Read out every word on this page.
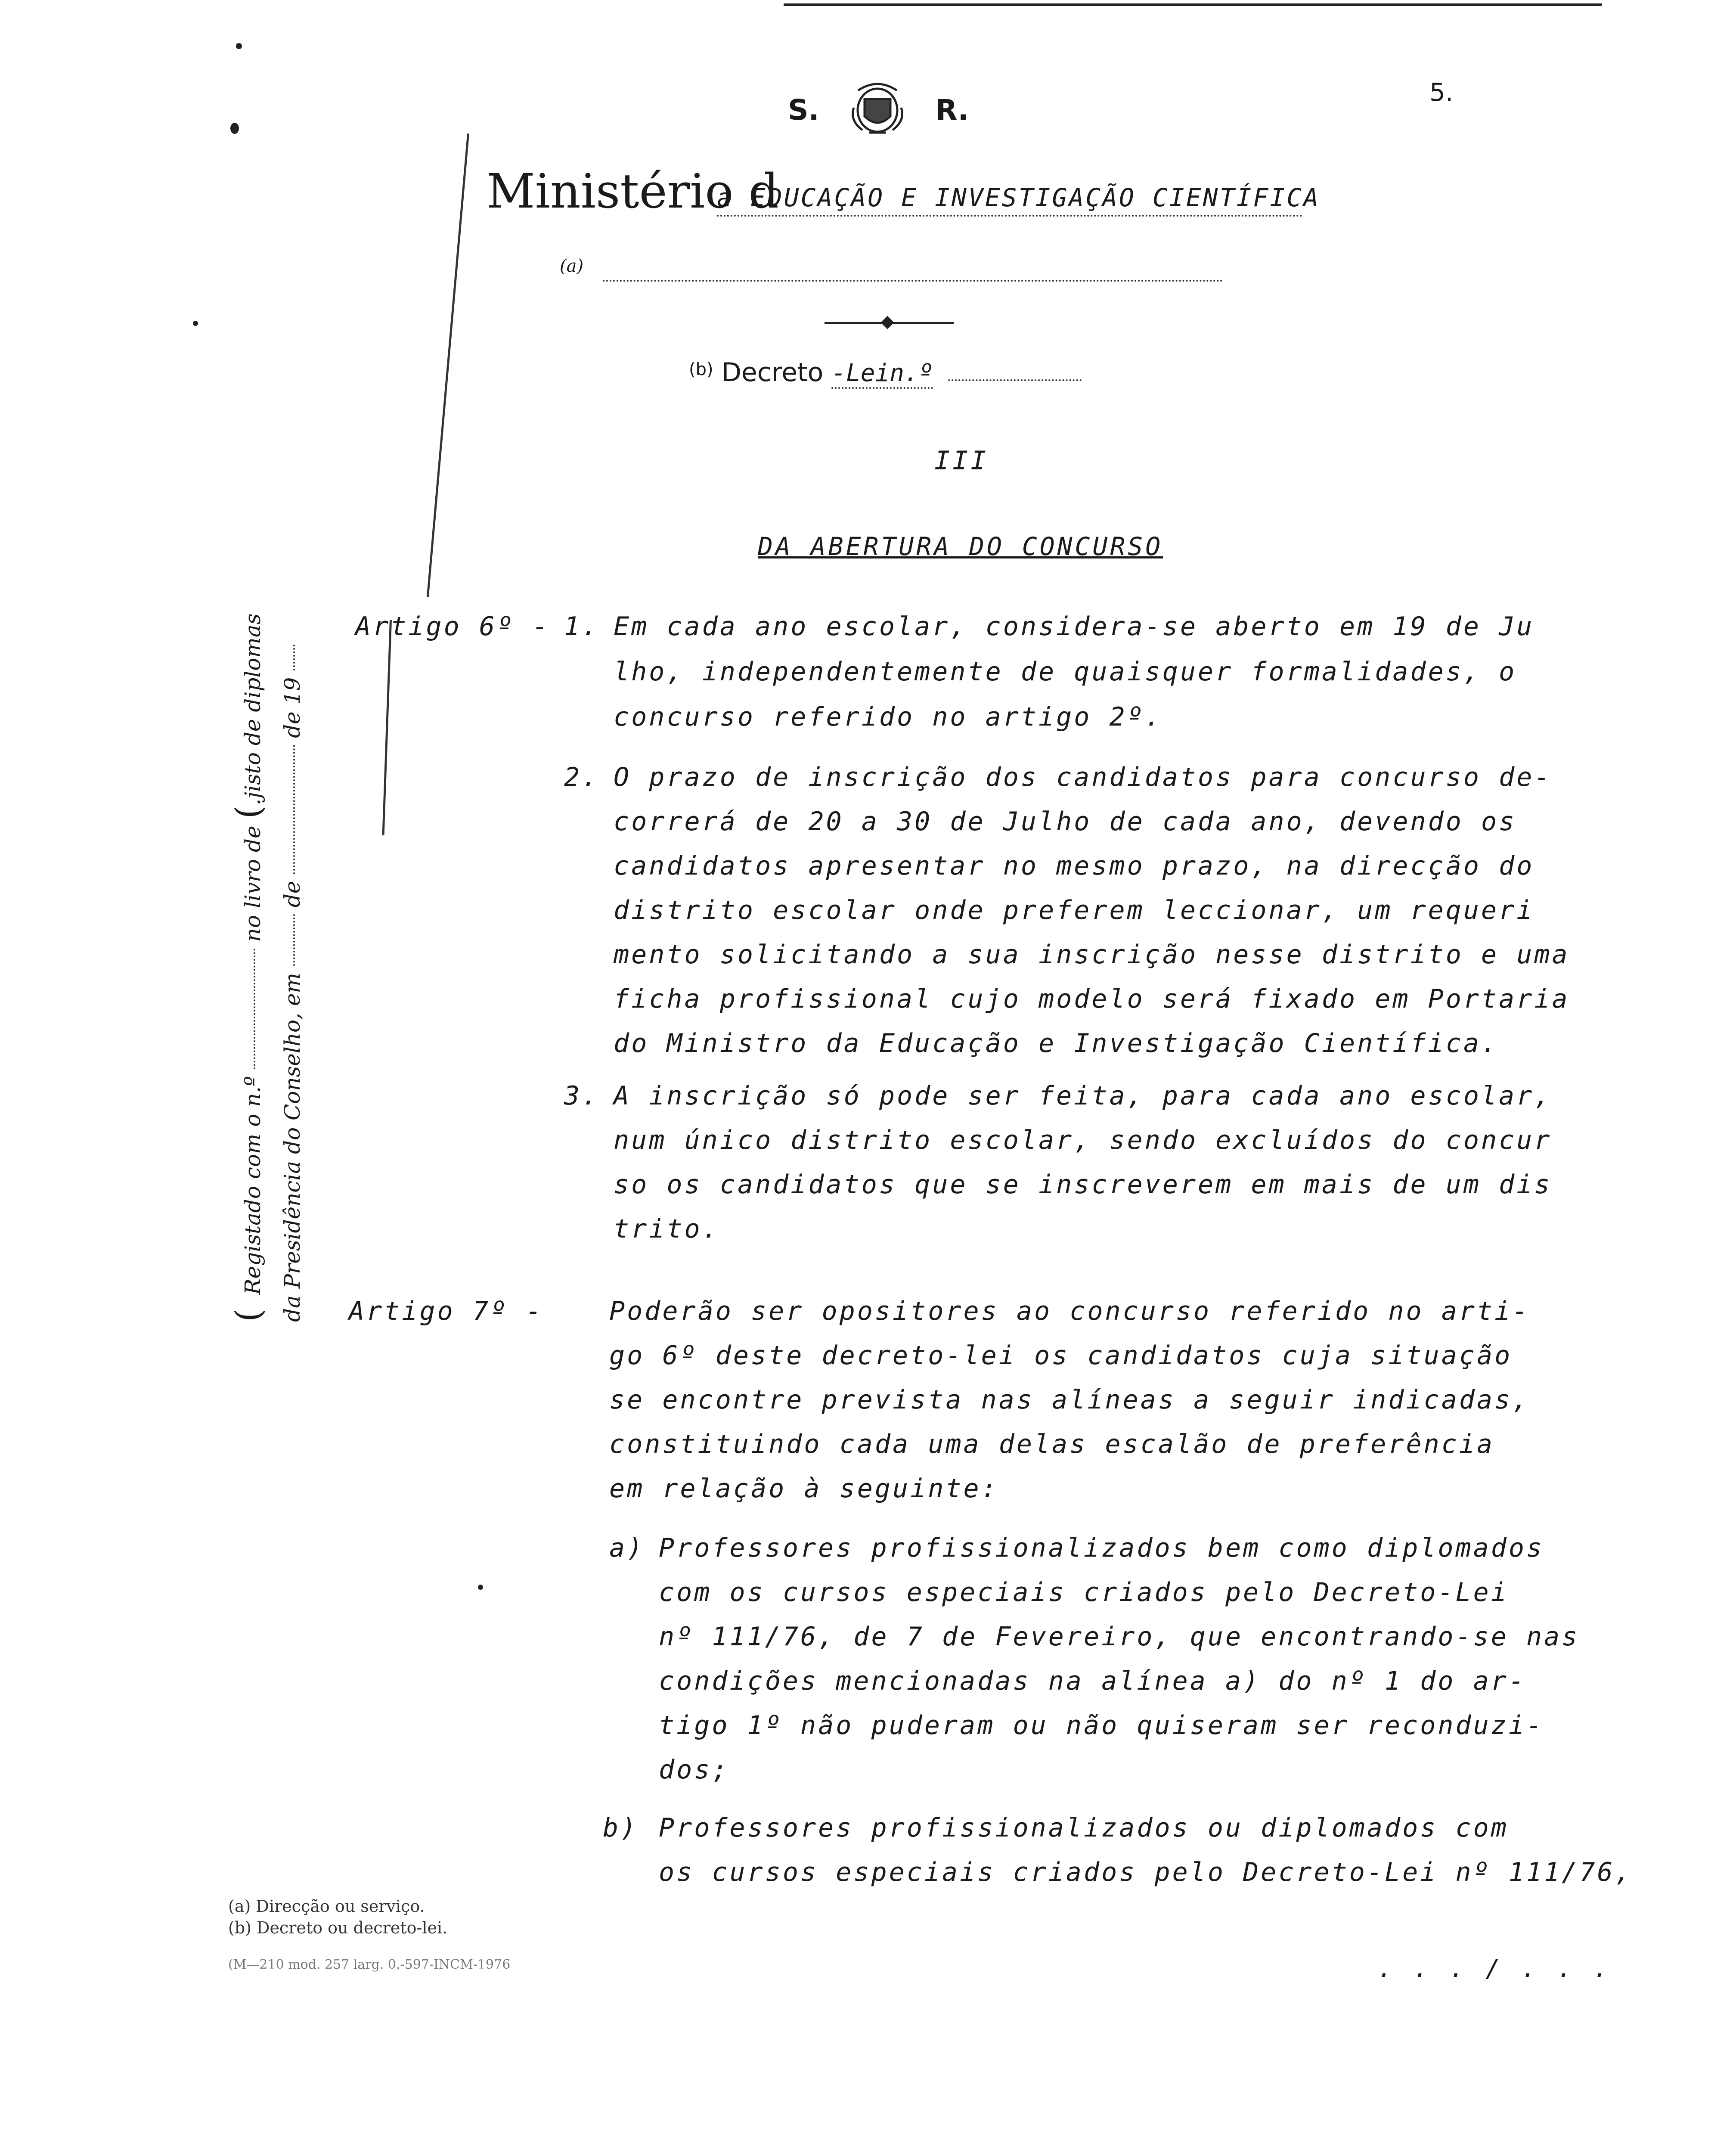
S.	R.
5.
Ministério d
a EDUCAÇÃO E INVESTIGAÇÃO CIENTÍFICA
(a)
$^{(b)}$ Decreto -Lein.º
III
DA ABERTURA DO CONCURSO
(  Registado com o n.º  no livro de (.jisto de diplomas
da Presidência do Conselho, em  de  de 19
Artigo 6º - 1. Em cada ano escolar, considera-se aberto em 19 de Ju
lho, independentemente de quaisquer formalidades, o
concurso referido no artigo 2º.
2. O prazo de inscrição dos candidatos para concurso de-
correrá de 20 a 30 de Julho de cada ano, devendo os
candidatos apresentar no mesmo prazo, na direcção do
distrito escolar onde preferem leccionar, um requeri
mento solicitando a sua inscrição nesse distrito e uma
ficha profissional cujo modelo será fixado em Portaria
do Ministro da Educação e Investigação Científica.
3. A inscrição só pode ser feita, para cada ano escolar,
num único distrito escolar, sendo excluídos do concur
so os candidatos que se inscreverem em mais de um dis
trito.
Artigo 7º -	Poderão ser opositores ao concurso referido no arti-
go 6º deste decreto-lei os candidatos cuja situação
se encontre prevista nas alíneas a seguir indicadas,
constituindo cada uma delas escalão de preferência
em relação à seguinte:
a) Professores profissionalizados bem como diplomados
com os cursos especiais criados pelo Decreto-Lei
nº 111/76, de 7 de Fevereiro, que encontrando-se nas
condições mencionadas na alínea a) do nº 1 do ar-
tigo 1º não puderam ou não quiseram ser reconduzi-
dos;
b) Professores profissionalizados ou diplomados com
os cursos especiais criados pelo Decreto-Lei nº 111/76,
(a) Direcção ou serviço.
(b) Decreto ou decreto-lei.
(M—210 mod. 257 larg. 0.-597-INCM-1976	. . . / . . .
